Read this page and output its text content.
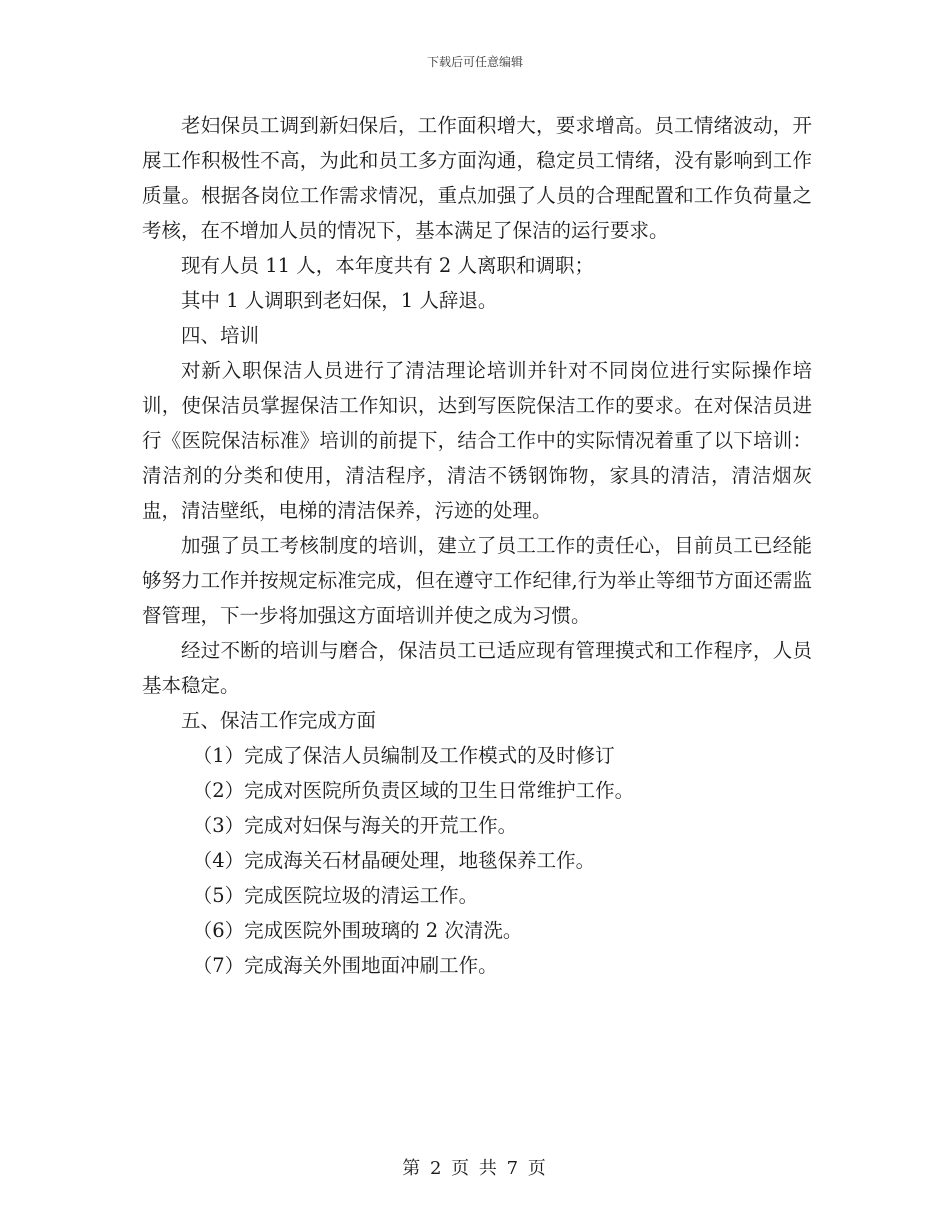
下载后可任意编辑

老妇保员工调到新妇保后，工作面积增大，要求增高。员工情绪波动，开展工作积极性不高，为此和员工多方面沟通，稳定员工情绪，没有影响到工作质量。根据各岗位工作需求情况，重点加强了人员的合理配置和工作负荷量之考核，在不增加人员的情况下，基本满足了保洁的运行要求。

现有人员 11 人，本年度共有 2 人离职和调职；

其中 1 人调职到老妇保，1 人辞退。

四、培训

对新入职保洁人员进行了清洁理论培训并针对不同岗位进行实际操作培训，使保洁员掌握保洁工作知识，达到写医院保洁工作的要求。在对保洁员进行《医院保洁标准》培训的前提下，结合工作中的实际情况着重了以下培训：清洁剂的分类和使用，清洁程序，清洁不锈钢饰物，家具的清洁，清洁烟灰盅，清洁壁纸，电梯的清洁保养，污迹的处理。

加强了员工考核制度的培训，建立了员工工作的责任心，目前员工已经能够努力工作并按规定标准完成，但在遵守工作纪律,行为举止等细节方面还需监督管理，下一步将加强这方面培训并使之成为习惯。

经过不断的培训与磨合，保洁员工已适应现有管理摸式和工作程序，人员基本稳定。

五、保洁工作完成方面

（1）完成了保洁人员编制及工作模式的及时修订

（2）完成对医院所负责区域的卫生日常维护工作。

（3）完成对妇保与海关的开荒工作。

（4）完成海关石材晶硬处理，地毯保养工作。

（5）完成医院垃圾的清运工作。

（6）完成医院外围玻璃的 2 次清洗。

（7）完成海关外围地面冲刷工作。

第 2 页 共 7 页
